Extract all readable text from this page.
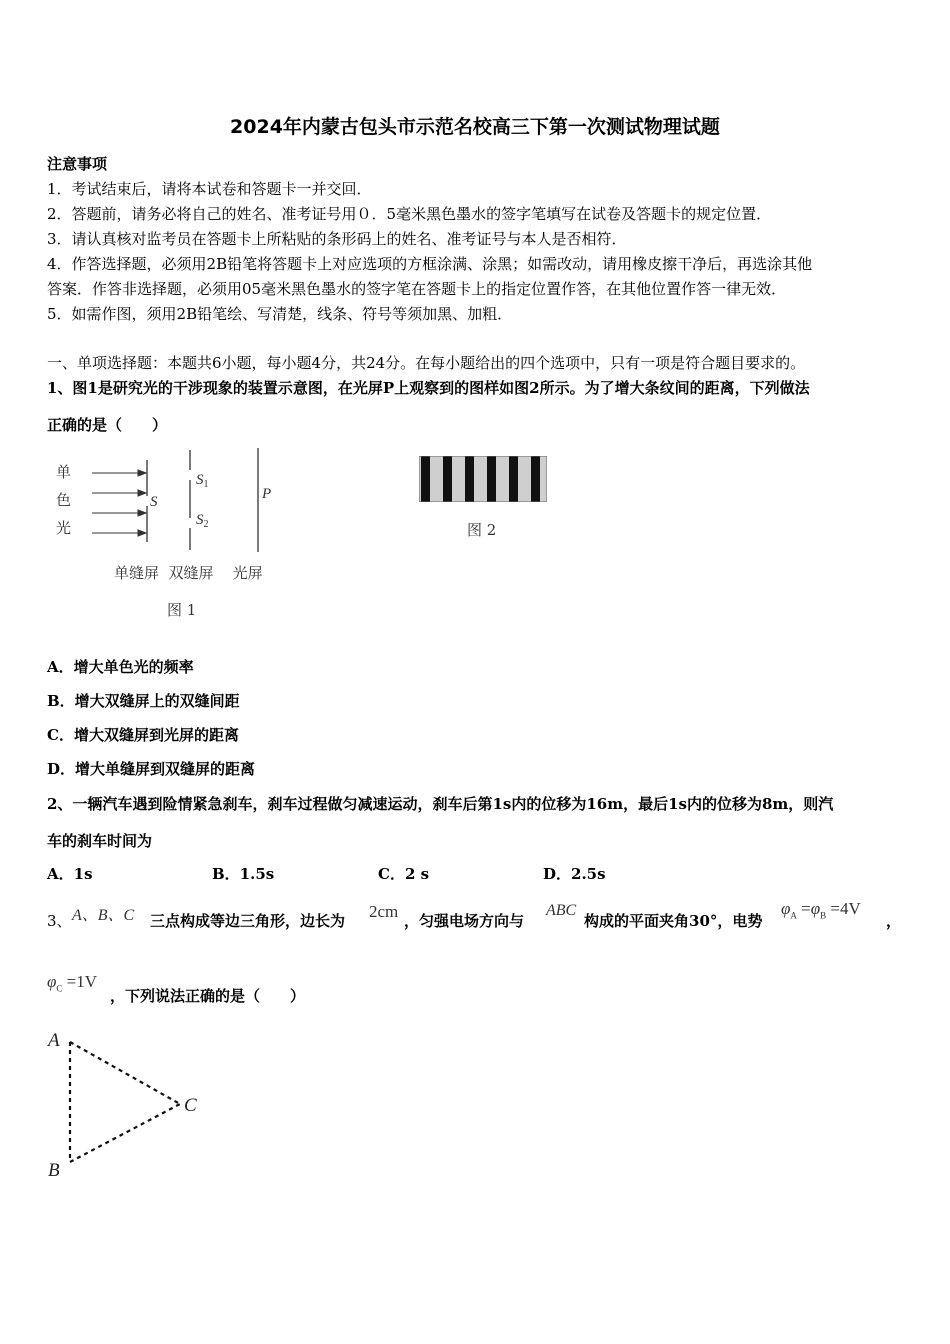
2024年内蒙古包头市示范名校高三下第一次测试物理试题
注意事项
1．考试结束后，请将本试卷和答题卡一并交回．
2．答题前，请务必将自己的姓名、准考证号用０．5毫米黑色墨水的签字笔填写在试卷及答题卡的规定位置．
3．请认真核对监考员在答题卡上所粘贴的条形码上的姓名、准考证号与本人是否相符．
4．作答选择题，必须用2B铅笔将答题卡上对应选项的方框涂满、涂黑；如需改动，请用橡皮擦干净后，再选涂其他
答案．作答非选择题，必须用05毫米黑色墨水的签字笔在答题卡上的指定位置作答，在其他位置作答一律无效．
5．如需作图，须用2B铅笔绘、写清楚，线条、符号等须加黑、加粗．
一、单项选择题：本题共6小题，每小题4分，共24分。在每小题给出的四个选项中，只有一项是符合题目要求的。
1、图1是研究光的干涉现象的装置示意图，在光屏P上观察到的图样如图2所示。为了增大条纹间的距离，下列做法
正确的是（　　）
单
色
光
S
$S_1$
$S_2$
P
单缝屏  双缝屏    光屏
图 1
图 2
A．增大单色光的频率
B．增大双缝屏上的双缝间距
C．增大双缝屏到光屏的距离
D．增大单缝屏到双缝屏的距离
2、一辆汽车遇到险情紧急刹车，刹车过程做匀减速运动，刹车后第1s内的位移为16m，最后1s内的位移为8m，则汽
车的刹车时间为
A．1s	B．1.5s	C．2 s	D．2.5s
3、 A、B、C 三点构成等边三角形，边长为 2cm ，匀强电场方向与
ABC
构成的平面夹角30°，电势
$\varphi_A =\varphi_B =4V$
，
$\varphi_C =1V$
，下列说法正确的是（　　）
A
B
C
